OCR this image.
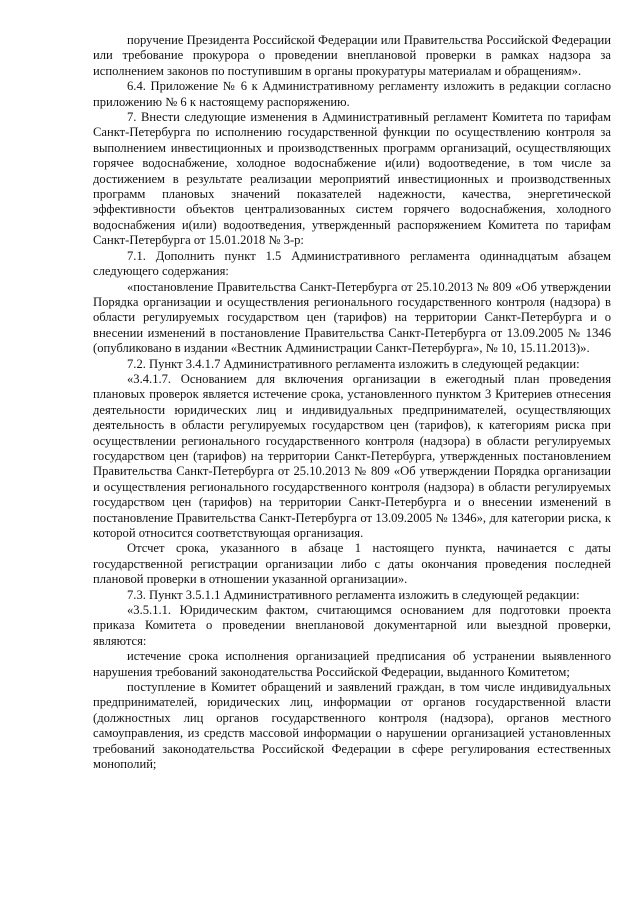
поручение Президента Российской Федерации или Правительства Российской Федерации или требование прокурора о проведении внеплановой проверки в рамках надзора за исполнением законов по поступившим в органы прокуратуры материалам и обращениям».

6.4. Приложение № 6 к Административному регламенту изложить в редакции согласно приложению № 6 к настоящему распоряжению.

7. Внести следующие изменения в Административный регламент Комитета по тарифам Санкт-Петербурга по исполнению государственной функции по осуществлению контроля за выполнением инвестиционных и производственных программ организаций, осуществляющих горячее водоснабжение, холодное водоснабжение и(или) водоотведение, в том числе за достижением в результате реализации мероприятий инвестиционных и производственных программ плановых значений показателей надежности, качества, энергетической эффективности объектов централизованных систем горячего водоснабжения, холодного водоснабжения и(или) водоотведения, утвержденный распоряжением Комитета по тарифам Санкт-Петербурга от 15.01.2018 № 3-р:

7.1. Дополнить пункт 1.5 Административного регламента одиннадцатым абзацем следующего содержания:

«постановление Правительства Санкт-Петербурга от 25.10.2013 № 809 «Об утверждении Порядка организации и осуществления регионального государственного контроля (надзора) в области регулируемых государством цен (тарифов) на территории Санкт-Петербурга и о внесении изменений в постановление Правительства Санкт-Петербурга от 13.09.2005 № 1346 (опубликовано в издании «Вестник Администрации Санкт-Петербурга», № 10, 15.11.2013)».

7.2. Пункт 3.4.1.7 Административного регламента изложить в следующей редакции:

«3.4.1.7. Основанием для включения организации в ежегодный план проведения плановых проверок является истечение срока, установленного пунктом 3 Критериев отнесения деятельности юридических лиц и индивидуальных предпринимателей, осуществляющих деятельность в области регулируемых государством цен (тарифов), к категориям риска при осуществлении регионального государственного контроля (надзора) в области регулируемых государством цен (тарифов) на территории Санкт-Петербурга, утвержденных постановлением Правительства Санкт-Петербурга от 25.10.2013 № 809 «Об утверждении Порядка организации и осуществления регионального государственного контроля (надзора) в области регулируемых государством цен (тарифов) на территории Санкт-Петербурга и о внесении изменений в постановление Правительства Санкт-Петербурга от 13.09.2005 № 1346», для категории риска, к которой относится соответствующая организация.

Отсчет срока, указанного в абзаце 1 настоящего пункта, начинается с даты государственной регистрации организации либо с даты окончания проведения последней плановой проверки в отношении указанной организации».

7.3. Пункт 3.5.1.1 Административного регламента изложить в следующей редакции:

«3.5.1.1. Юридическим фактом, считающимся основанием для подготовки проекта приказа Комитета о проведении внеплановой документарной или выездной проверки, являются:

истечение срока исполнения организацией предписания об устранении выявленного нарушения требований законодательства Российской Федерации, выданного Комитетом;

поступление в Комитет обращений и заявлений граждан, в том числе индивидуальных предпринимателей, юридических лиц, информации от органов государственной власти (должностных лиц органов государственного контроля (надзора), органов местного самоуправления, из средств массовой информации о нарушении организацией установленных требований законодательства Российской Федерации в сфере регулирования естественных монополий;
